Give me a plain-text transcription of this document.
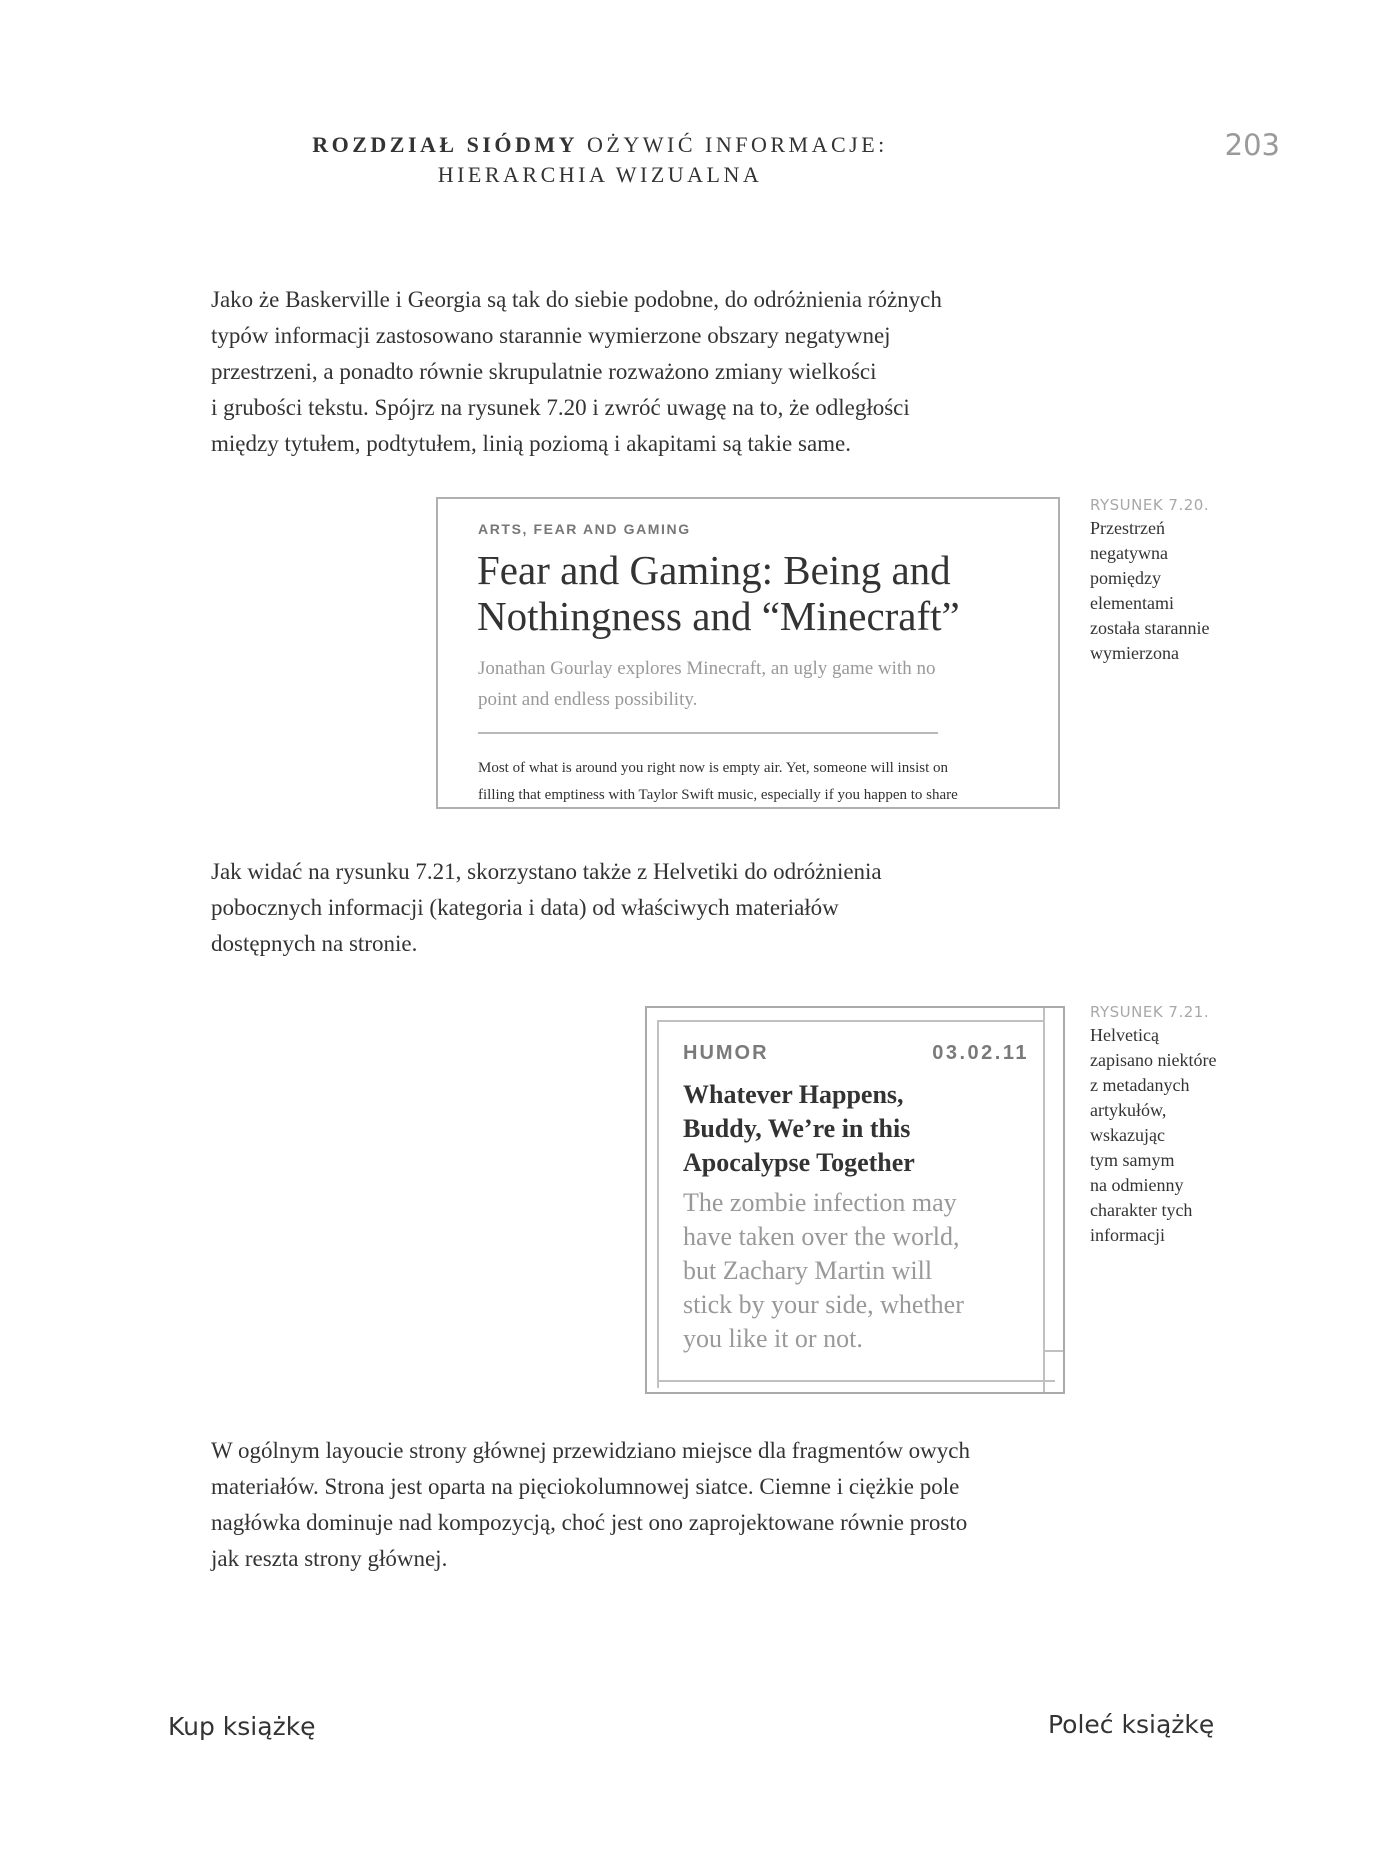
ROZDZIAŁ SIÓDMY OŻYWIĆ INFORMACJE:
HIERARCHIA WIZUALNA
203

Jako że Baskerville i Georgia są tak do siebie podobne, do odróżnienia różnych

typów informacji zastosowano starannie wymierzone obszary negatywnej

przestrzeni, a ponadto równie skrupulatnie rozważono zmiany wielkości

i grubości tekstu. Spójrz na rysunek 7.20 i zwróć uwagę na to, że odległości

między tytułem, podtytułem, linią poziomą i akapitami są takie same.

ARTS, FEAR AND GAMING
Fear and Gaming: Being and
Nothingness and “Minecraft”
Jonathan Gourlay explores Minecraft, an ugly game with no
point and endless possibility.

Most of what is around you right now is empty air. Yet, someone will insist on

filling that emptiness with Taylor Swift music, especially if you happen to share

RYSUNEK 7.20.
Przestrzeń
negatywna
pomiędzy
elementami
została starannie
wymierzona

Jak widać na rysunku 7.21, skorzystano także z Helvetiki do odróżnienia

pobocznych informacji (kategoria i data) od właściwych materiałów

dostępnych na stronie.

HUMOR	03.02.11
Whatever Happens,
Buddy, We’re in this
Apocalypse Together
The zombie infection may
have taken over the world,
but Zachary Martin will
stick by your side, whether
you like it or not.
RYSUNEK 7.21.
Helveticą
zapisano niektóre
z metadanych
artykułów,
wskazując
tym samym
na odmienny
charakter tych
informacji

W ogólnym layoucie strony głównej przewidziano miejsce dla fragmentów owych

materiałów. Strona jest oparta na pięciokolumnowej siatce. Ciemne i ciężkie pole

nagłówka dominuje nad kompozycją, choć jest ono zaprojektowane równie prosto

jak reszta strony głównej.

Kup książkę	Poleć książkę
